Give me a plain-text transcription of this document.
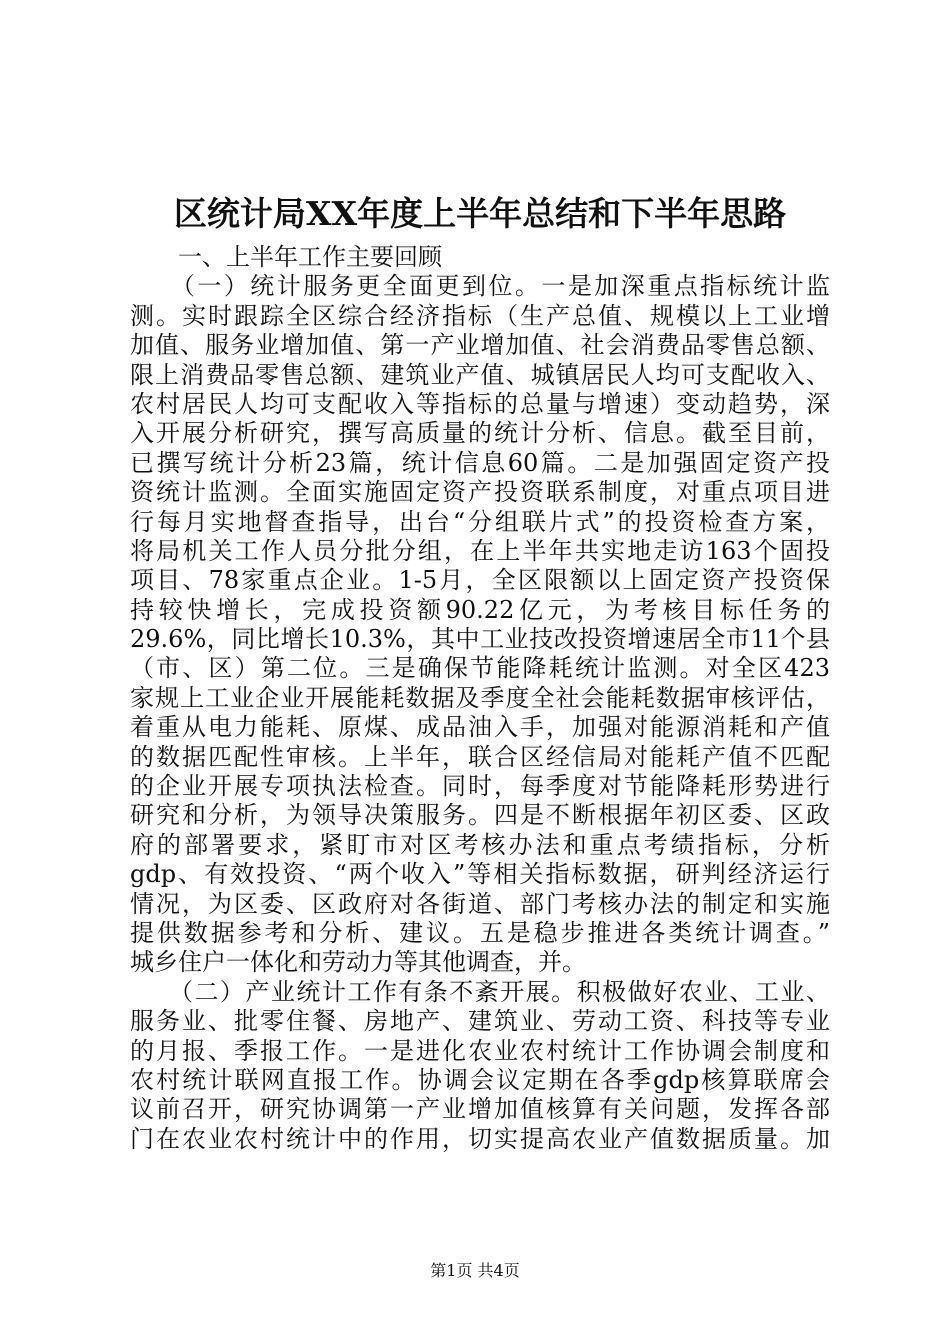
区统计局XX年度上半年总结和下半年思路
　　一、上半年工作主要回顾
　　（一）统计服务更全面更到位。一是加深重点指标统计监
测。实时跟踪全区综合经济指标（生产总值、规模以上工业增
加值、服务业增加值、第一产业增加值、社会消费品零售总额、
限上消费品零售总额、建筑业产值、城镇居民人均可支配收入、
农村居民人均可支配收入等指标的总量与增速）变动趋势，深
入开展分析研究，撰写高质量的统计分析、信息。截至目前，
已撰写统计分析23篇，统计信息60篇。二是加强固定资产投
资统计监测。全面实施固定资产投资联系制度，对重点项目进
行每月实地督查指导，出台“分组联片式”的投资检查方案，
将局机关工作人员分批分组，在上半年共实地走访163个固投
项目、78家重点企业。1-5月，全区限额以上固定资产投资保
持较快增长，完成投资额90.22亿元，为考核目标任务的
29.6%，同比增长10.3%，其中工业技改投资增速居全市11个县
（市、区）第二位。三是确保节能降耗统计监测。对全区423
家规上工业企业开展能耗数据及季度全社会能耗数据审核评估，
着重从电力能耗、原煤、成品油入手，加强对能源消耗和产值
的数据匹配性审核。上半年，联合区经信局对能耗产值不匹配
的企业开展专项执法检查。同时，每季度对节能降耗形势进行
研究和分析，为领导决策服务。四是不断根据年初区委、区政
府的部署要求，紧盯市对区考核办法和重点考绩指标，分析
gdp、有效投资、“两个收入”等相关指标数据，研判经济运行
情况，为区委、区政府对各街道、部门考核办法的制定和实施
提供数据参考和分析、建议。五是稳步推进各类统计调查。”
城乡住户一体化和劳动力等其他调查，并。
　　（二）产业统计工作有条不紊开展。积极做好农业、工业、
服务业、批零住餐、房地产、建筑业、劳动工资、科技等专业
的月报、季报工作。一是进化农业农村统计工作协调会制度和
农村统计联网直报工作。协调会议定期在各季gdp核算联席会
议前召开，研究协调第一产业增加值核算有关问题，发挥各部
门在农业农村统计中的作用，切实提高农业产值数据质量。加
第1页 共4页
